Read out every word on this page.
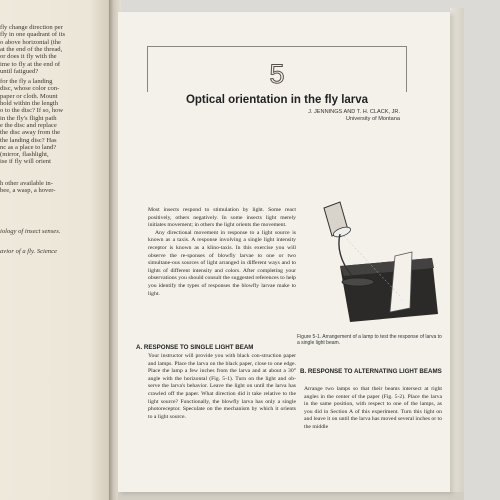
fly change direction per
fly in one quadrant of its
o above horizontal (the
at the end of the thread,
or does it fly with the
ime to fly at the end of
until fatigued?
for the fly a landing
disc, whose color con-
paper or cloth. Mount
hold within the length
o to the disc? If so, how
in the fly's flight path
e the disc and replace
the disc away from the
the landing disc? Has
nc as a place to land?
(mirror, flashlight,
ise if fly will orient
h other available in-
bee, a wasp, a hover-
iology of insect senses.
avior of a fly. Science
5
Optical orientation in the fly larva
J. JENNINGS AND T. H. CLACK, JR.
University of Montana

Most insects respond to stimulation by light. Some react positively, others negatively. In some insects light merely initiates movement; in others the light orients the movement.

Any directional movement in response to a light source is known as a taxis. A response involving a single light intensity receptor is known as a klino-taxis. In this exercise you will observe the re-sponses of blowfly larvae to one or two simultane-ous sources of light arranged in different ways and to lights of different intensity and colors. After completing your observations you should consult the suggested references to help you identify the types of responses the blowfly larvae make to light.

Figure 5-1. Arrangement of a lamp to test the response of larva to a single light beam.
A. RESPONSE TO SINGLE LIGHT BEAM

Your instructor will provide you with black con-struction paper and lamps. Place the larva on the black paper, close to one edge. Place the lamp a few inches from the larva and at about a 30° angle with the horizontal (Fig. 5-1). Turn on the light and ob-serve the larva's behavior. Leave the light on until the larva has crawled off the paper. What direction did it take relative to the light source? Functionally, the blowfly larva has only a single photoreceptor. Speculate on the mechanism by which it orients to a light source.

B. RESPONSE TO ALTERNATING LIGHT BEAMS

Arrange two lamps so that their beams intersect at right angles in the center of the paper (Fig. 5-2). Place the larva in the same position, with respect to one of the lamps, as you did in Section A of this experiment. Turn this light on and leave it on until the larva has moved several inches or to the middle
